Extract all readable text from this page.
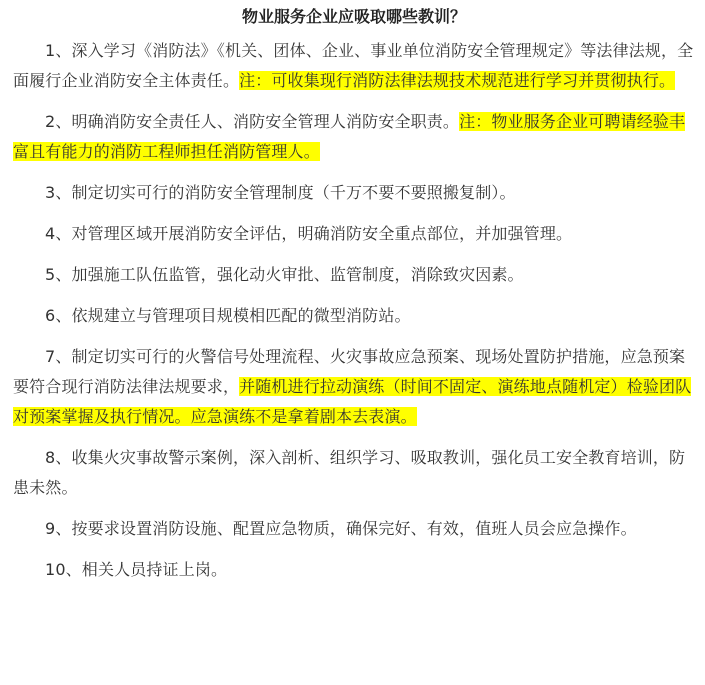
物业服务企业应吸取哪些教训？

1、深入学习《消防法》《机关、团体、企业、事业单位消防安全管理规定》等法律法规，全面履行企业消防安全主体责任。注：可收集现行消防法律法规技术规范进行学习并贯彻执行。

2、明确消防安全责任人、消防安全管理人消防安全职责。注：物业服务企业可聘请经验丰富且有能力的消防工程师担任消防管理人。

3、制定切实可行的消防安全管理制度（千万不要不要照搬复制）。

4、对管理区域开展消防安全评估，明确消防安全重点部位，并加强管理。

5、加强施工队伍监管，强化动火审批、监管制度，消除致灾因素。

6、依规建立与管理项目规模相匹配的微型消防站。

7、制定切实可行的火警信号处理流程、火灾事故应急预案、现场处置防护措施，应急预案要符合现行消防法律法规要求，并随机进行拉动演练（时间不固定、演练地点随机定）检验团队对预案掌握及执行情况。应急演练不是拿着剧本去表演。

8、收集火灾事故警示案例，深入剖析、组织学习、吸取教训，强化员工安全教育培训，防患未然。

9、按要求设置消防设施、配置应急物质，确保完好、有效，值班人员会应急操作。

10、相关人员持证上岗。
